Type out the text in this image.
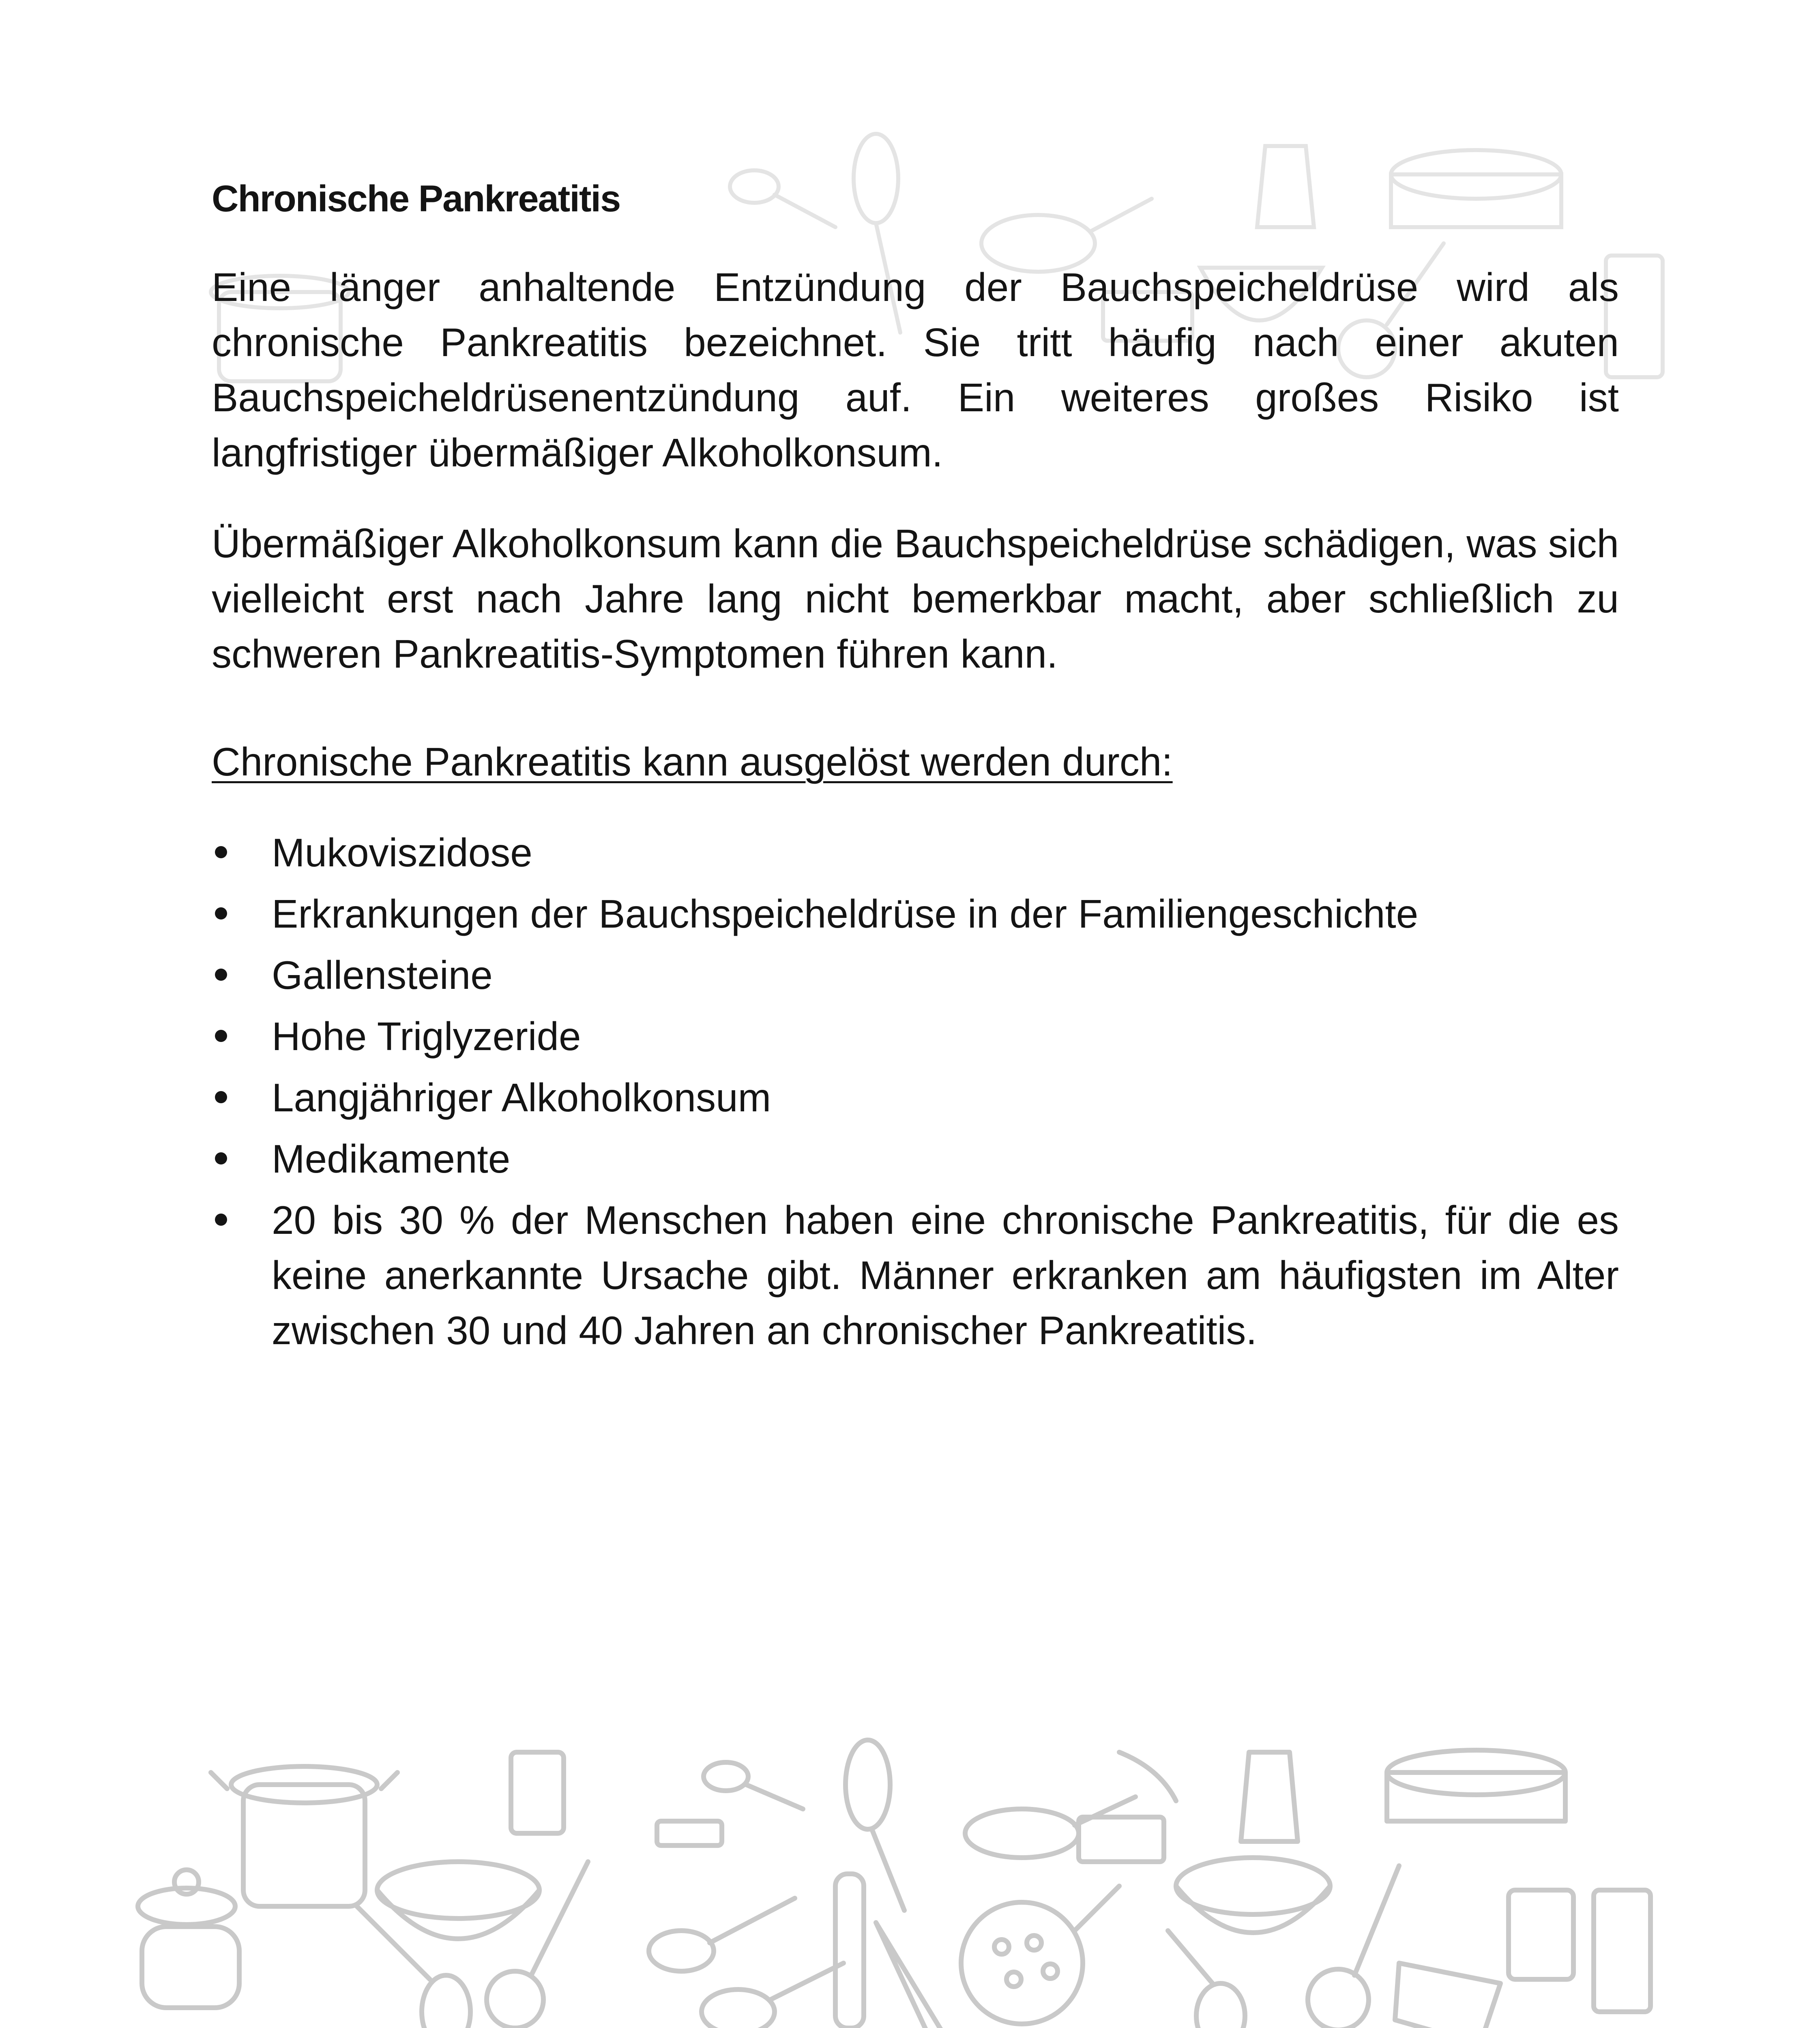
Chronische Pankreatitis

Eine länger anhaltende Entzündung der Bauchspeicheldrüse wird als chronische Pankreatitis bezeichnet. Sie tritt häufig nach einer akuten Bauchspeicheldrüsenentzündung auf. Ein weiteres großes Risiko ist langfristiger übermäßiger Alkoholkonsum.

Übermäßiger Alkoholkonsum kann die Bauchspeicheldrüse schädigen, was sich vielleicht erst nach Jahre lang nicht bemerkbar macht, aber schließlich zu schweren Pankreatitis-Symptomen führen kann.

Chronische Pankreatitis kann ausgelöst werden durch:

Mukoviszidose
Erkrankungen der Bauchspeicheldrüse in der Familiengeschichte
Gallensteine
Hohe Triglyzeride
Langjähriger Alkoholkonsum
Medikamente
20 bis 30 % der Menschen haben eine chronische Pankreatitis, für die es keine anerkannte Ursache gibt. Männer erkranken am häufigsten im Alter zwischen 30 und 40 Jahren an chronischer Pankreatitis.
